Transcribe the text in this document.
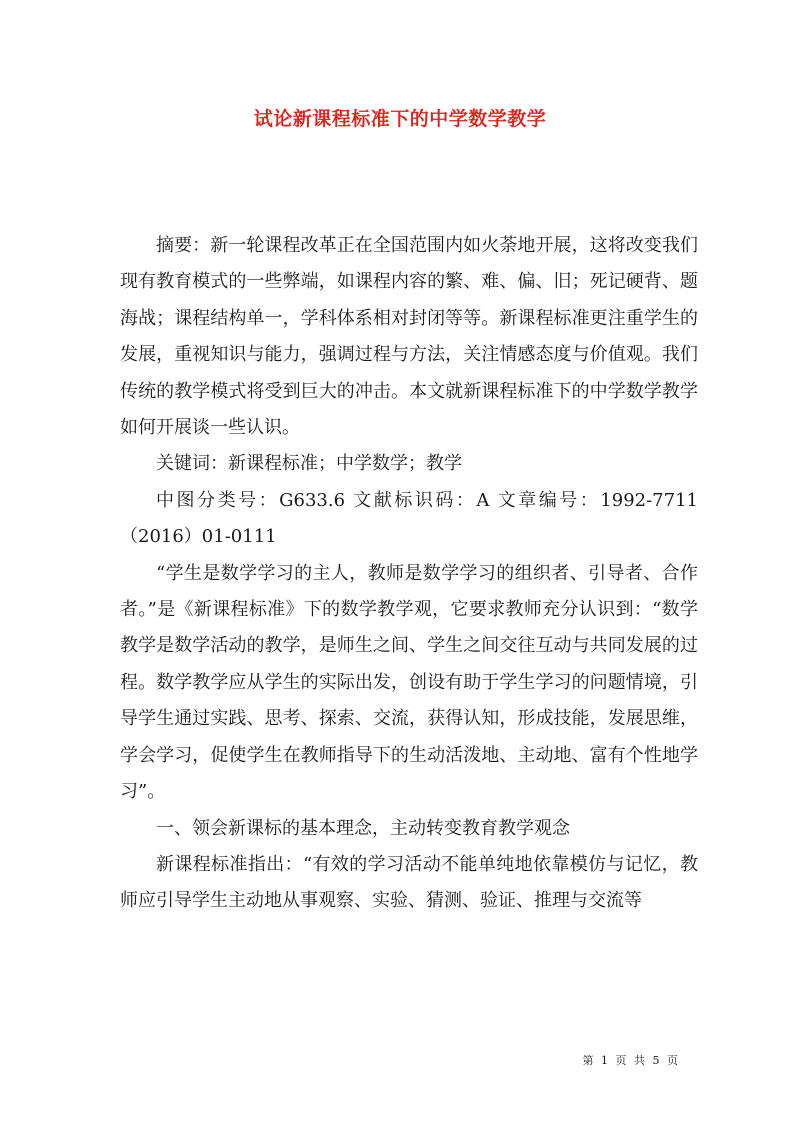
试论新课程标准下的中学数学教学

摘要：新一轮课程改革正在全国范围内如火荼地开展，这将改变我们现有教育模式的一些弊端，如课程内容的繁、难、偏、旧；死记硬背、题海战；课程结构单一，学科体系相对封闭等等。新课程标准更注重学生的发展，重视知识与能力，强调过程与方法，关注情感态度与价值观。我们传统的教学模式将受到巨大的冲击。本文就新课程标准下的中学数学教学如何开展谈一些认识。

关键词：新课程标准；中学数学；教学

中图分类号：G633.6 文献标识码：A 文章编号：1992-7711（2016）01-0111

“学生是数学学习的主人，教师是数学学习的组织者、引导者、合作者。”是《新课程标准》下的数学教学观，它要求教师充分认识到：“数学教学是数学活动的教学，是师生之间、学生之间交往互动与共同发展的过程。数学教学应从学生的实际出发，创设有助于学生学习的问题情境，引导学生通过实践、思考、探索、交流，获得认知，形成技能，发展思维，学会学习，促使学生在教师指导下的生动活泼地、主动地、富有个性地学习”。

一、领会新课标的基本理念，主动转变教育教学观念

新课程标准指出：“有效的学习活动不能单纯地依靠模仿与记忆，教师应引导学生主动地从事观察、实验、猜测、验证、推理与交流等

第 1 页 共 5 页
